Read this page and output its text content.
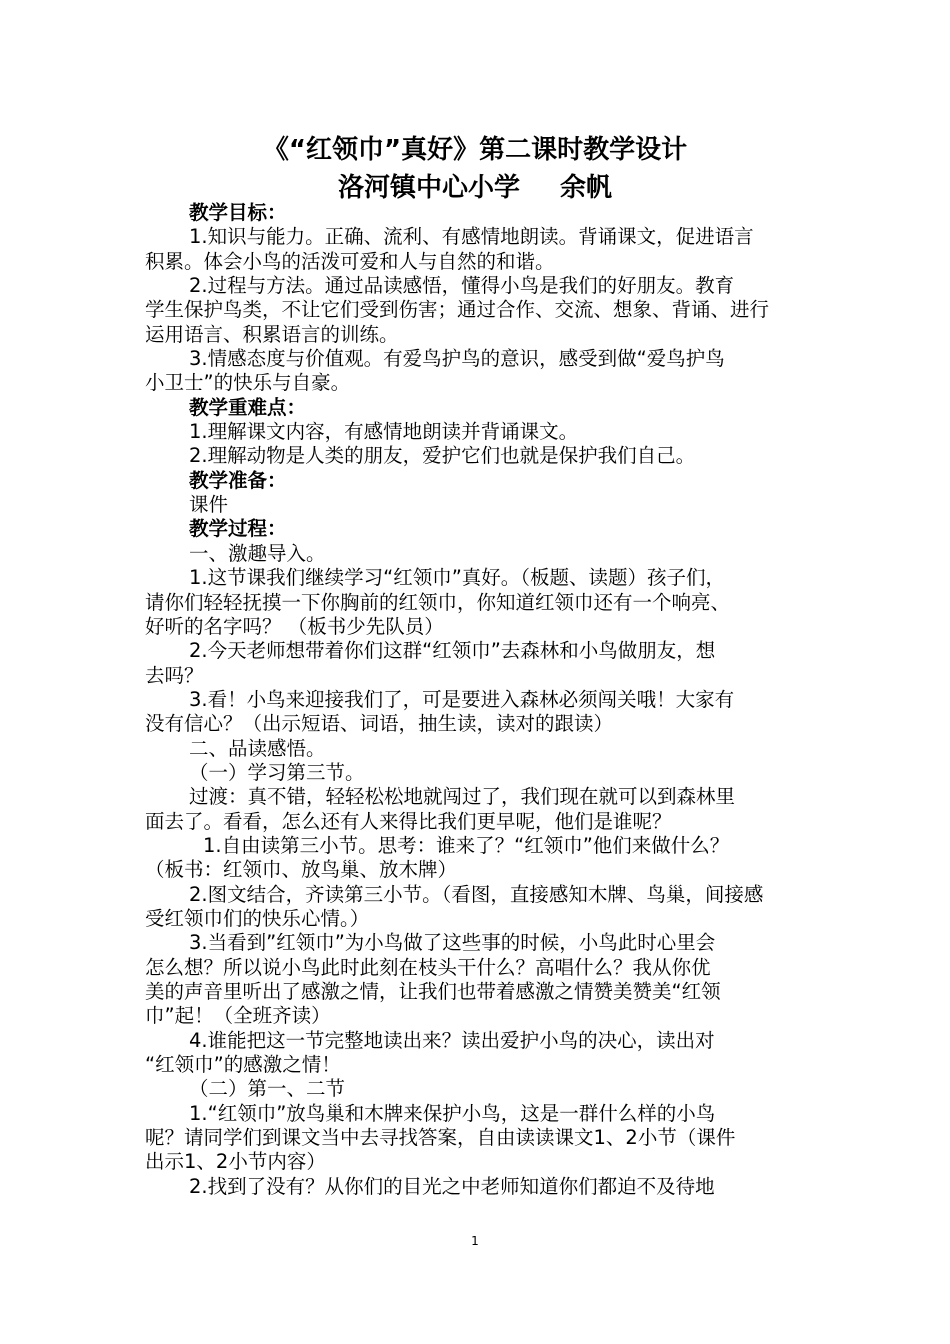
《“红领巾”真好》第二课时教学设计
洛河镇中心小学 余帆
教学目标：
1.知识与能力。正确、流利、有感情地朗读。背诵课文，促进语言
积累。体会小鸟的活泼可爱和人与自然的和谐。
2.过程与方法。通过品读感悟，懂得小鸟是我们的好朋友。教育
学生保护鸟类，不让它们受到伤害；通过合作、交流、想象、背诵、进行
运用语言、积累语言的训练。
3.情感态度与价值观。有爱鸟护鸟的意识，感受到做“爱鸟护鸟
小卫士”的快乐与自豪。
教学重难点：
1.理解课文内容，有感情地朗读并背诵课文。
2.理解动物是人类的朋友，爱护它们也就是保护我们自己。
教学准备：
课件
教学过程：
一、激趣导入。
1.这节课我们继续学习“红领巾”真好。（板题、读题）孩子们，
请你们轻轻抚摸一下你胸前的红领巾，你知道红领巾还有一个响亮、
好听的名字吗？ （板书少先队员）
2.今天老师想带着你们这群“红领巾”去森林和小鸟做朋友，想
去吗？
3.看！小鸟来迎接我们了，可是要进入森林必须闯关哦！大家有
没有信心？（出示短语、词语，抽生读，读对的跟读）
二、品读感悟。
（一）学习第三节。
过渡：真不错，轻轻松松地就闯过了，我们现在就可以到森林里
面去了。看看，怎么还有人来得比我们更早呢，他们是谁呢？
1.自由读第三小节。思考：谁来了？“红领巾”他们来做什么？
（板书：红领巾、放鸟巢、放木牌）
2.图文结合，齐读第三小节。（看图，直接感知木牌、鸟巢，间接感
受红领巾们的快乐心情。）
3.当看到”红领巾”为小鸟做了这些事的时候，小鸟此时心里会
怎么想？所以说小鸟此时此刻在枝头干什么？高唱什么？我从你优
美的声音里听出了感激之情，让我们也带着感激之情赞美赞美“红领
巾”起！（全班齐读）
4.谁能把这一节完整地读出来？读出爱护小鸟的决心，读出对
“红领巾”的感激之情！
（二）第一、二节
1.“红领巾”放鸟巢和木牌来保护小鸟，这是一群什么样的小鸟
呢？请同学们到课文当中去寻找答案，自由读读课文1、2小节（课件
出示1、2小节内容）
2.找到了没有？从你们的目光之中老师知道你们都迫不及待地
1
